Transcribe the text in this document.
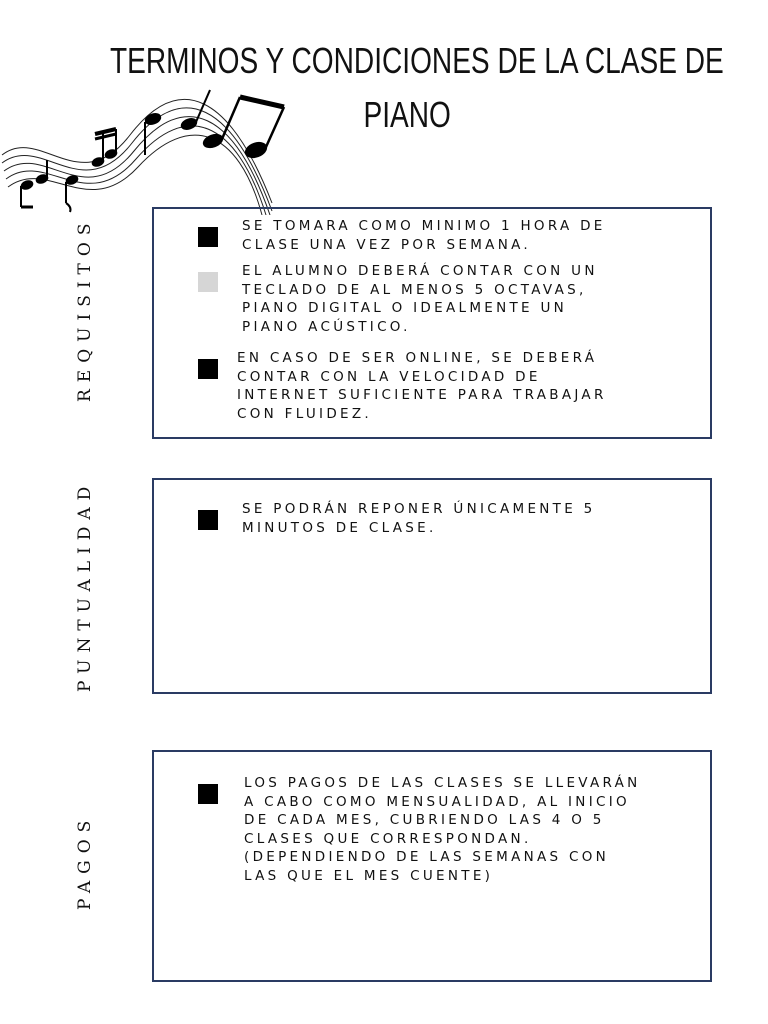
TERMINOS Y CONDICIONES DE LA CLASE DE
PIANO
REQUISITOS	SE TOMARA COMO MINIMO 1 HORA DE
CLASE UNA VEZ POR SEMANA.
EL ALUMNO DEBERÁ CONTAR CON UN
TECLADO DE AL MENOS 5 OCTAVAS,
PIANO DIGITAL O IDEALMENTE UN
PIANO ACÚSTICO.
EN CASO DE SER ONLINE, SE DEBERÁ
CONTAR CON LA VELOCIDAD DE
INTERNET SUFICIENTE PARA TRABAJAR
CON FLUIDEZ.
PUNTUALIDAD	SE PODRÁN REPONER ÚNICAMENTE 5
MINUTOS DE CLASE.
PAGOS
LOS PAGOS DE LAS CLASES SE LLEVARÁN
A CABO COMO MENSUALIDAD, AL INICIO
DE CADA MES, CUBRIENDO LAS 4 O 5
CLASES QUE CORRESPONDAN.
(DEPENDIENDO DE LAS SEMANAS CON
LAS QUE EL MES CUENTE)
